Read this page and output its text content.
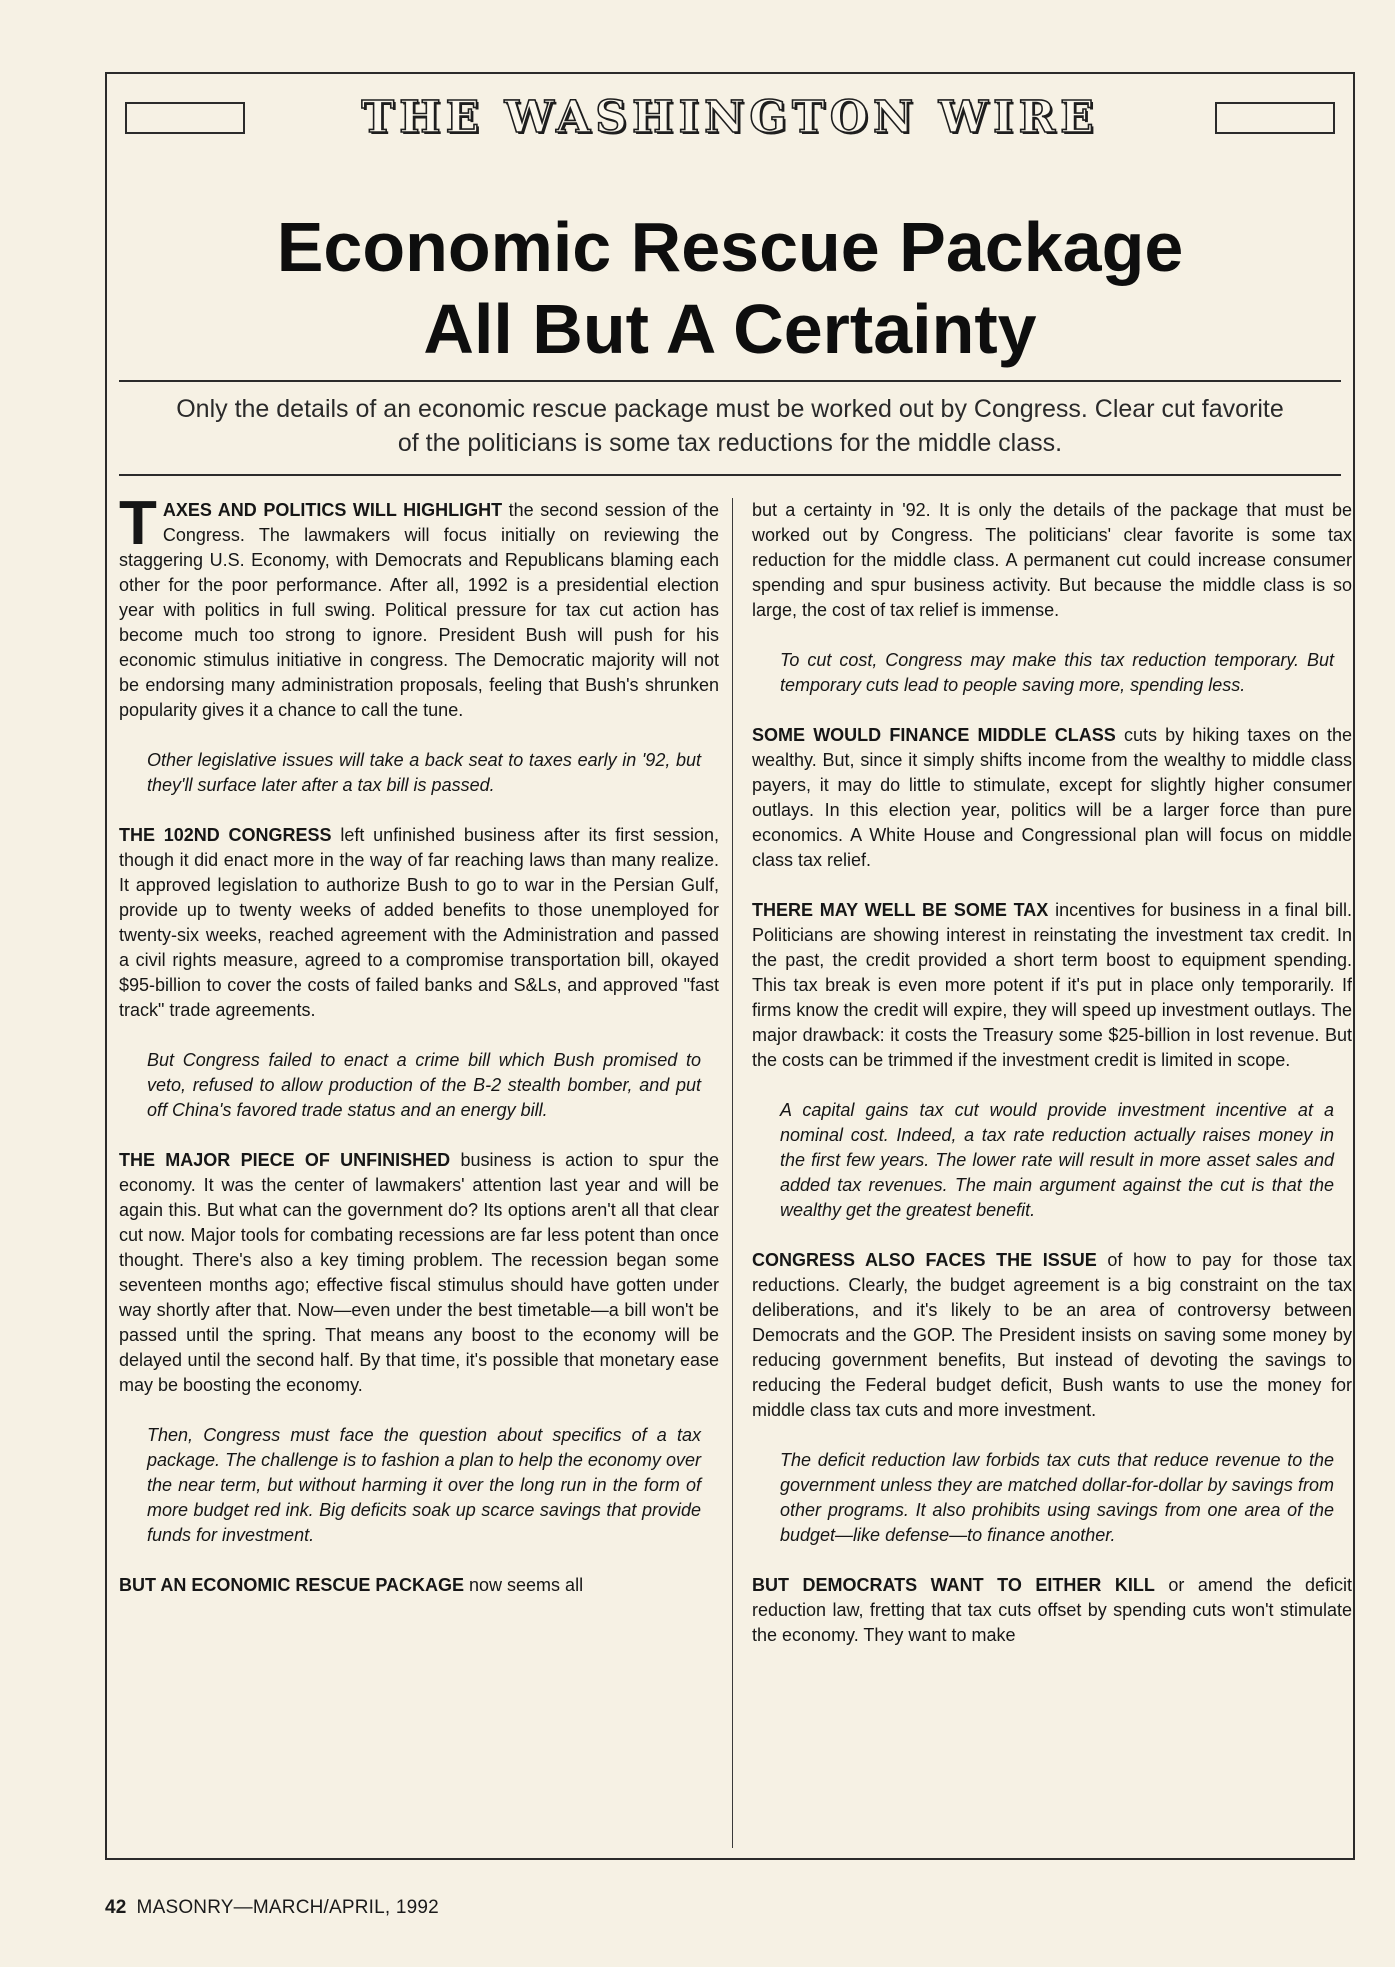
THE WASHINGTON WIRE
Economic Rescue Package
All But A Certainty
Only the details of an economic rescue package must be worked out by Congress. Clear cut favorite of the politicians is some tax reductions for the middle class.

TAXES AND POLITICS WILL HIGHLIGHT the second session of the Congress. The lawmakers will focus initially on reviewing the staggering U.S. Economy, with Democrats and Republicans blaming each other for the poor performance. After all, 1992 is a presidential election year with politics in full swing. Political pressure for tax cut action has become much too strong to ignore. President Bush will push for his economic stimulus initiative in congress. The Democratic majority will not be endorsing many administration proposals, feeling that Bush's shrunken popularity gives it a chance to call the tune.

Other legislative issues will take a back seat to taxes early in '92, but they'll surface later after a tax bill is passed.

THE 102ND CONGRESS left unfinished business after its first session, though it did enact more in the way of far reaching laws than many realize. It approved legislation to authorize Bush to go to war in the Persian Gulf, provide up to twenty weeks of added benefits to those unemployed for twenty-six weeks, reached agreement with the Administration and passed a civil rights measure, agreed to a compromise transportation bill, okayed $95-billion to cover the costs of failed banks and S&Ls, and approved "fast track" trade agreements.

But Congress failed to enact a crime bill which Bush promised to veto, refused to allow production of the B-2 stealth bomber, and put off China's favored trade status and an energy bill.

THE MAJOR PIECE OF UNFINISHED business is action to spur the economy. It was the center of lawmakers' attention last year and will be again this. But what can the government do? Its options aren't all that clear cut now. Major tools for combating recessions are far less potent than once thought. There's also a key timing problem. The recession began some seventeen months ago; effective fiscal stimulus should have gotten under way shortly after that. Now—even under the best timetable—a bill won't be passed until the spring. That means any boost to the economy will be delayed until the second half. By that time, it's possible that monetary ease may be boosting the economy.

Then, Congress must face the question about specifics of a tax package. The challenge is to fashion a plan to help the economy over the near term, but without harming it over the long run in the form of more budget red ink. Big deficits soak up scarce savings that provide funds for investment.

BUT AN ECONOMIC RESCUE PACKAGE now seems all

but a certainty in '92. It is only the details of the package that must be worked out by Congress. The politicians' clear favorite is some tax reduction for the middle class. A permanent cut could increase consumer spending and spur business activity. But because the middle class is so large, the cost of tax relief is immense.

To cut cost, Congress may make this tax reduction temporary. But temporary cuts lead to people saving more, spending less.

SOME WOULD FINANCE MIDDLE CLASS cuts by hiking taxes on the wealthy. But, since it simply shifts income from the wealthy to middle class payers, it may do little to stimulate, except for slightly higher consumer outlays. In this election year, politics will be a larger force than pure economics. A White House and Congressional plan will focus on middle class tax relief.

THERE MAY WELL BE SOME TAX incentives for business in a final bill. Politicians are showing interest in reinstating the investment tax credit. In the past, the credit provided a short term boost to equipment spending. This tax break is even more potent if it's put in place only temporarily. If firms know the credit will expire, they will speed up investment outlays. The major drawback: it costs the Treasury some $25-billion in lost revenue. But the costs can be trimmed if the investment credit is limited in scope.

A capital gains tax cut would provide investment incentive at a nominal cost. Indeed, a tax rate reduction actually raises money in the first few years. The lower rate will result in more asset sales and added tax revenues. The main argument against the cut is that the wealthy get the greatest benefit.

CONGRESS ALSO FACES THE ISSUE of how to pay for those tax reductions. Clearly, the budget agreement is a big constraint on the tax deliberations, and it's likely to be an area of controversy between Democrats and the GOP. The President insists on saving some money by reducing government benefits, But instead of devoting the savings to reducing the Federal budget deficit, Bush wants to use the money for middle class tax cuts and more investment.

The deficit reduction law forbids tax cuts that reduce revenue to the government unless they are matched dollar-for-dollar by savings from other programs. It also prohibits using savings from one area of the budget—like defense—to finance another.

BUT DEMOCRATS WANT TO EITHER KILL or amend the deficit reduction law, fretting that tax cuts offset by spending cuts won't stimulate the economy. They want to make

42 MASONRY—MARCH/APRIL, 1992
